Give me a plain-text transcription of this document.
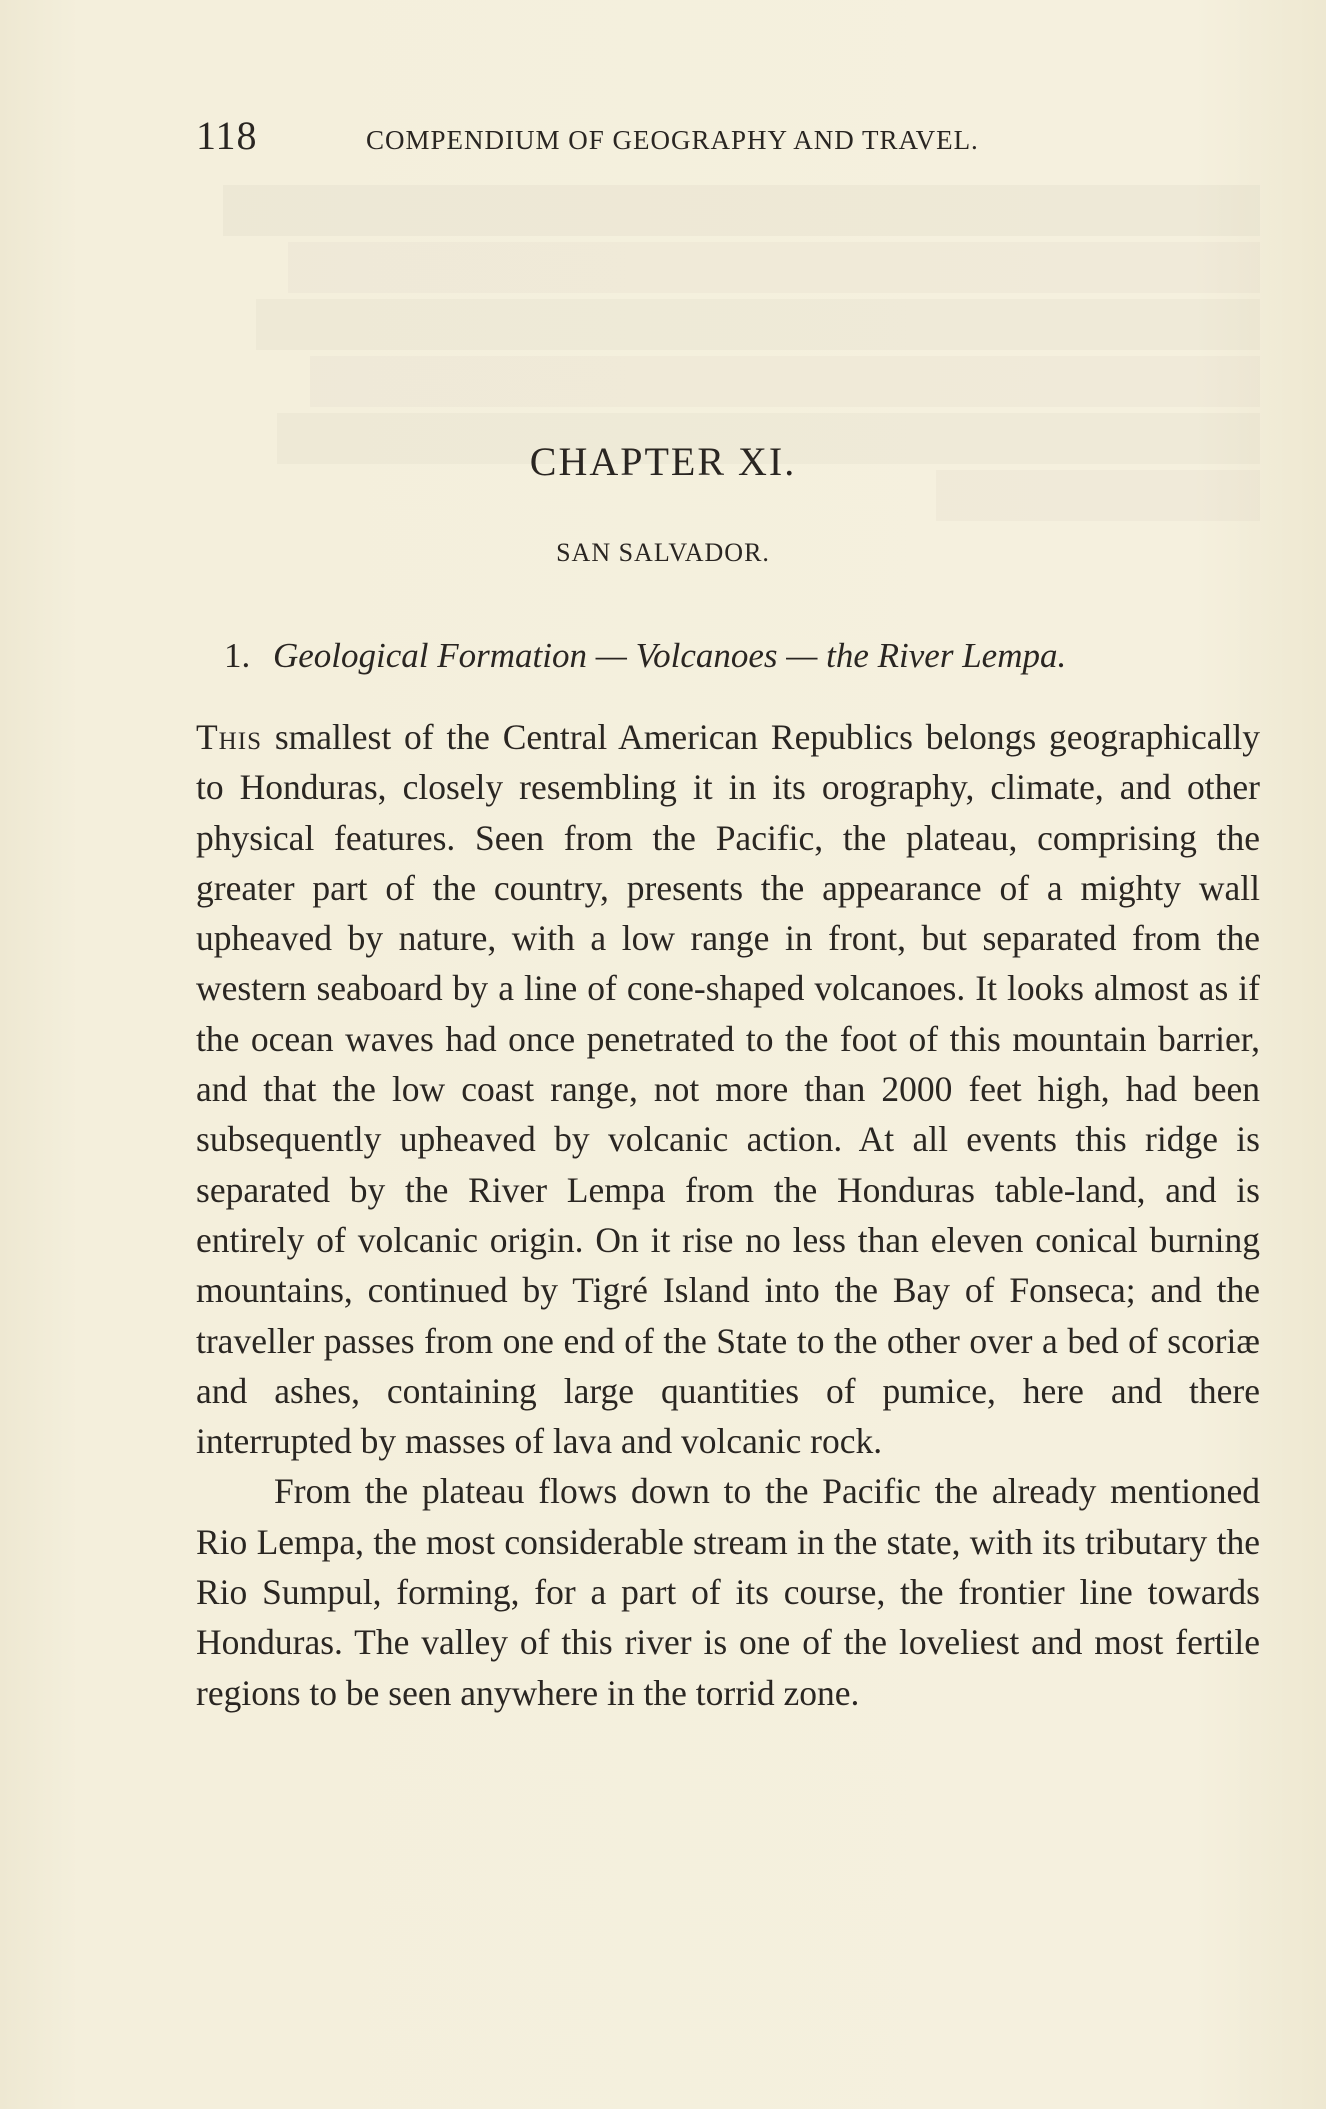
118	COMPENDIUM OF GEOGRAPHY AND TRAVEL.
CHAPTER XI.
SAN SALVADOR.
1. Geological Formation — Volcanoes — the River Lempa.

This smallest of the Central American Republics belongs geographically to Honduras, closely resembling it in its orography, climate, and other physical features. Seen from the Pacific, the plateau, comprising the greater part of the country, presents the appearance of a mighty wall upheaved by nature, with a low range in front, but separated from the western seaboard by a line of cone-shaped volcanoes. It looks almost as if the ocean waves had once penetrated to the foot of this mountain barrier, and that the low coast range, not more than 2000 feet high, had been subsequently upheaved by volcanic action. At all events this ridge is separated by the River Lempa from the Honduras table-land, and is entirely of volcanic origin. On it rise no less than eleven conical burning mountains, continued by Tigré Island into the Bay of Fonseca; and the traveller passes from one end of the State to the other over a bed of scoriæ and ashes, containing large quantities of pumice, here and there interrupted by masses of lava and volcanic rock.

From the plateau flows down to the Pacific the already mentioned Rio Lempa, the most considerable stream in the state, with its tributary the Rio Sumpul, forming, for a part of its course, the frontier line towards Honduras. The valley of this river is one of the loveliest and most fertile regions to be seen anywhere in the torrid zone.
